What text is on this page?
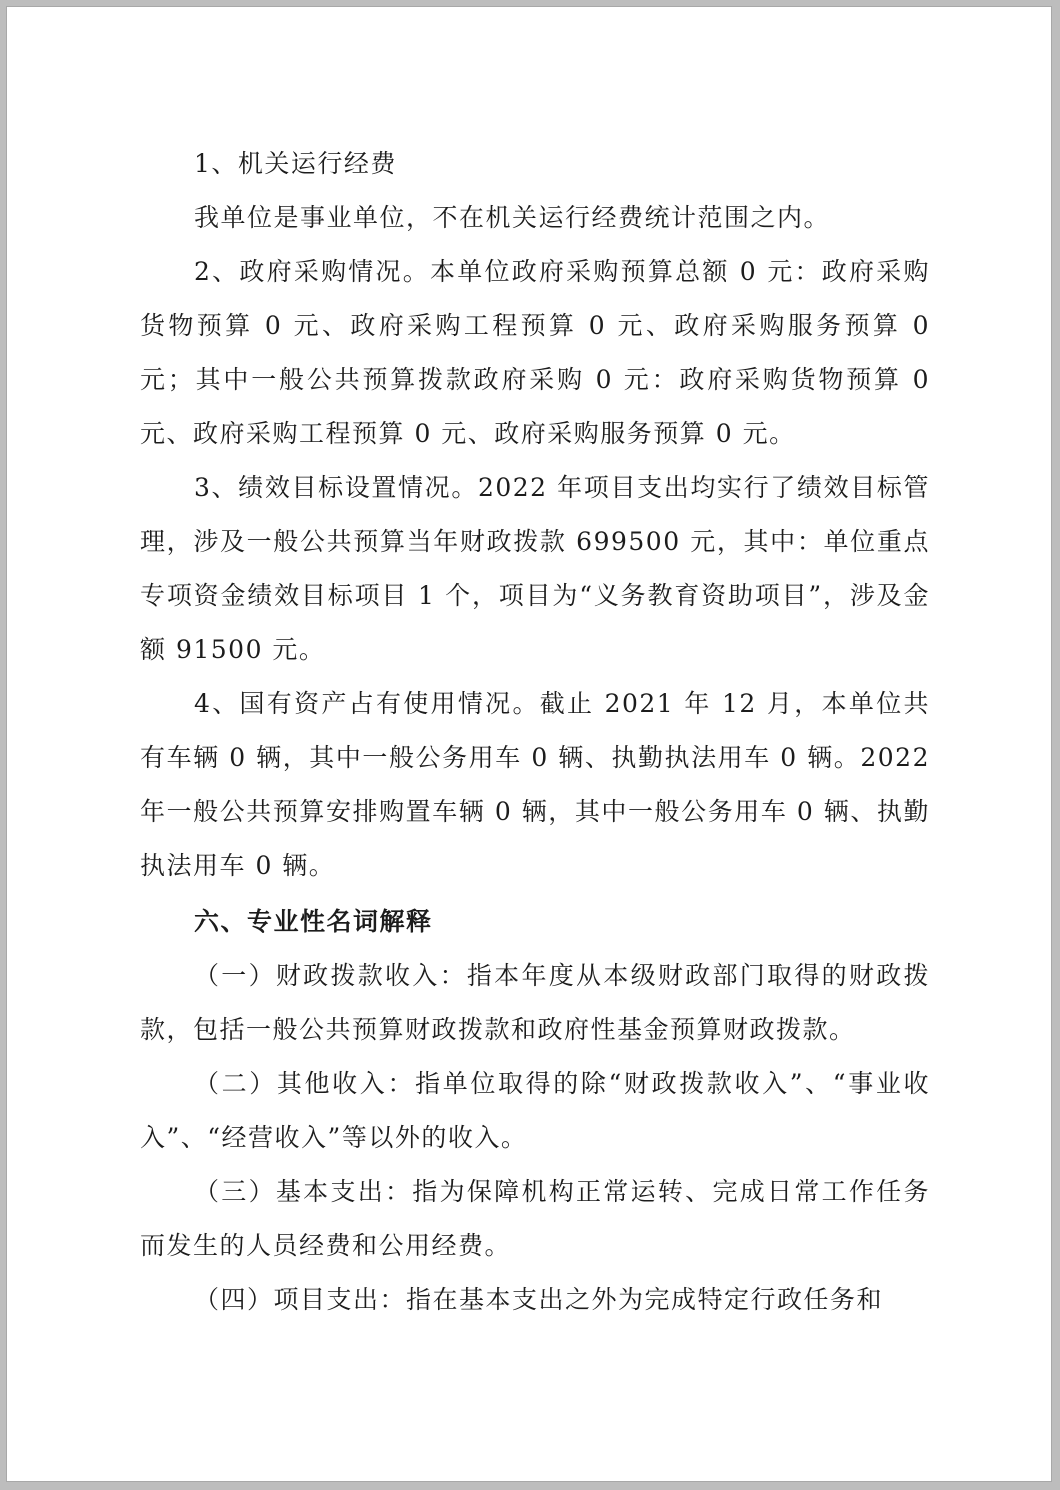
1、机关运行经费

我单位是事业单位，不在机关运行经费统计范围之内。

2、政府采购情况。本单位政府采购预算总额 0 元：政府采购货物预算 0 元、政府采购工程预算 0 元、政府采购服务预算 0 元；其中一般公共预算拨款政府采购 0 元：政府采购货物预算 0 元、政府采购工程预算 0 元、政府采购服务预算 0 元。

3、绩效目标设置情况。2022 年项目支出均实行了绩效目标管理，涉及一般公共预算当年财政拨款 699500 元，其中：单位重点专项资金绩效目标项目 1 个，项目为“义务教育资助项目”，涉及金额 91500 元。

4、国有资产占有使用情况。截止 2021 年 12 月，本单位共有车辆 0 辆，其中一般公务用车 0 辆、执勤执法用车 0 辆。2022 年一般公共预算安排购置车辆 0 辆，其中一般公务用车 0 辆、执勤执法用车 0 辆。

六、专业性名词解释

（一）财政拨款收入：指本年度从本级财政部门取得的财政拨款，包括一般公共预算财政拨款和政府性基金预算财政拨款。

（二）其他收入：指单位取得的除“财政拨款收入”、“事业收入”、“经营收入”等以外的收入。

（三）基本支出：指为保障机构正常运转、完成日常工作任务而发生的人员经费和公用经费。

（四）项目支出：指在基本支出之外为完成特定行政任务和
